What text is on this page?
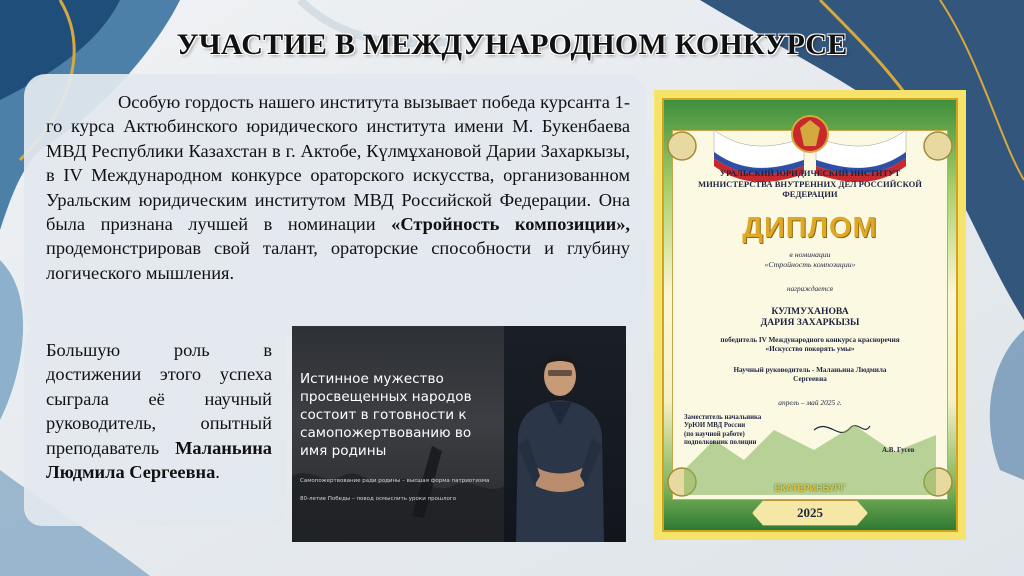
УЧАСТИЕ В МЕЖДУНАРОДНОМ КОНКУРСЕ

Особую гордость нашего института вызывает победа курсанта 1-го курса Актюбинского юридического института имени М. Букенбаева МВД Республики Казахстан в г. Актобе, Күлмұхановой Дарии Захаркызы, в IV Международном конкурсе ораторского искусства, организованном Уральским юридическим институтом МВД Российской Федерации. Она была признана лучшей в номинации «Стройность композиции», продемонстрировав свой талант, ораторские способности и глубину логического мышления.

Большую роль в достижении этого успеха сыграла её научный руководитель, опытный преподаватель Маланьина Людмила Сергеевна.

Истинное мужество просвещенных народов состоит в готовности к самопожертвованию во имя родины
Самопожертвование ради родины – высшая форма патриотизма
80-летие Победы – повод осмыслить уроки прошлого
УРАЛЬСКИЙ ЮРИДИЧЕСКИЙ ИНСТИТУТ МИНИСТЕРСТВА ВНУТРЕННИХ ДЕЛ РОССИЙСКОЙ ФЕДЕРАЦИИ
ДИПЛОМ
в номинации
«Стройность композиции»
награждается
КУЛМУХАНОВА
ДАРИЯ ЗАХАРКЫЗЫ
победитель IV Международного конкурса красноречия
«Искусство покорять умы»
Научный руководитель - Маланьина Людмила
Сергеевна
апрель – май 2025 г.
Заместитель начальника
УрЮИ МВД России
(по научной работе)
подполковник полиции
А.В. Гусев
ЕКАТЕРИНБУРГ
2025
